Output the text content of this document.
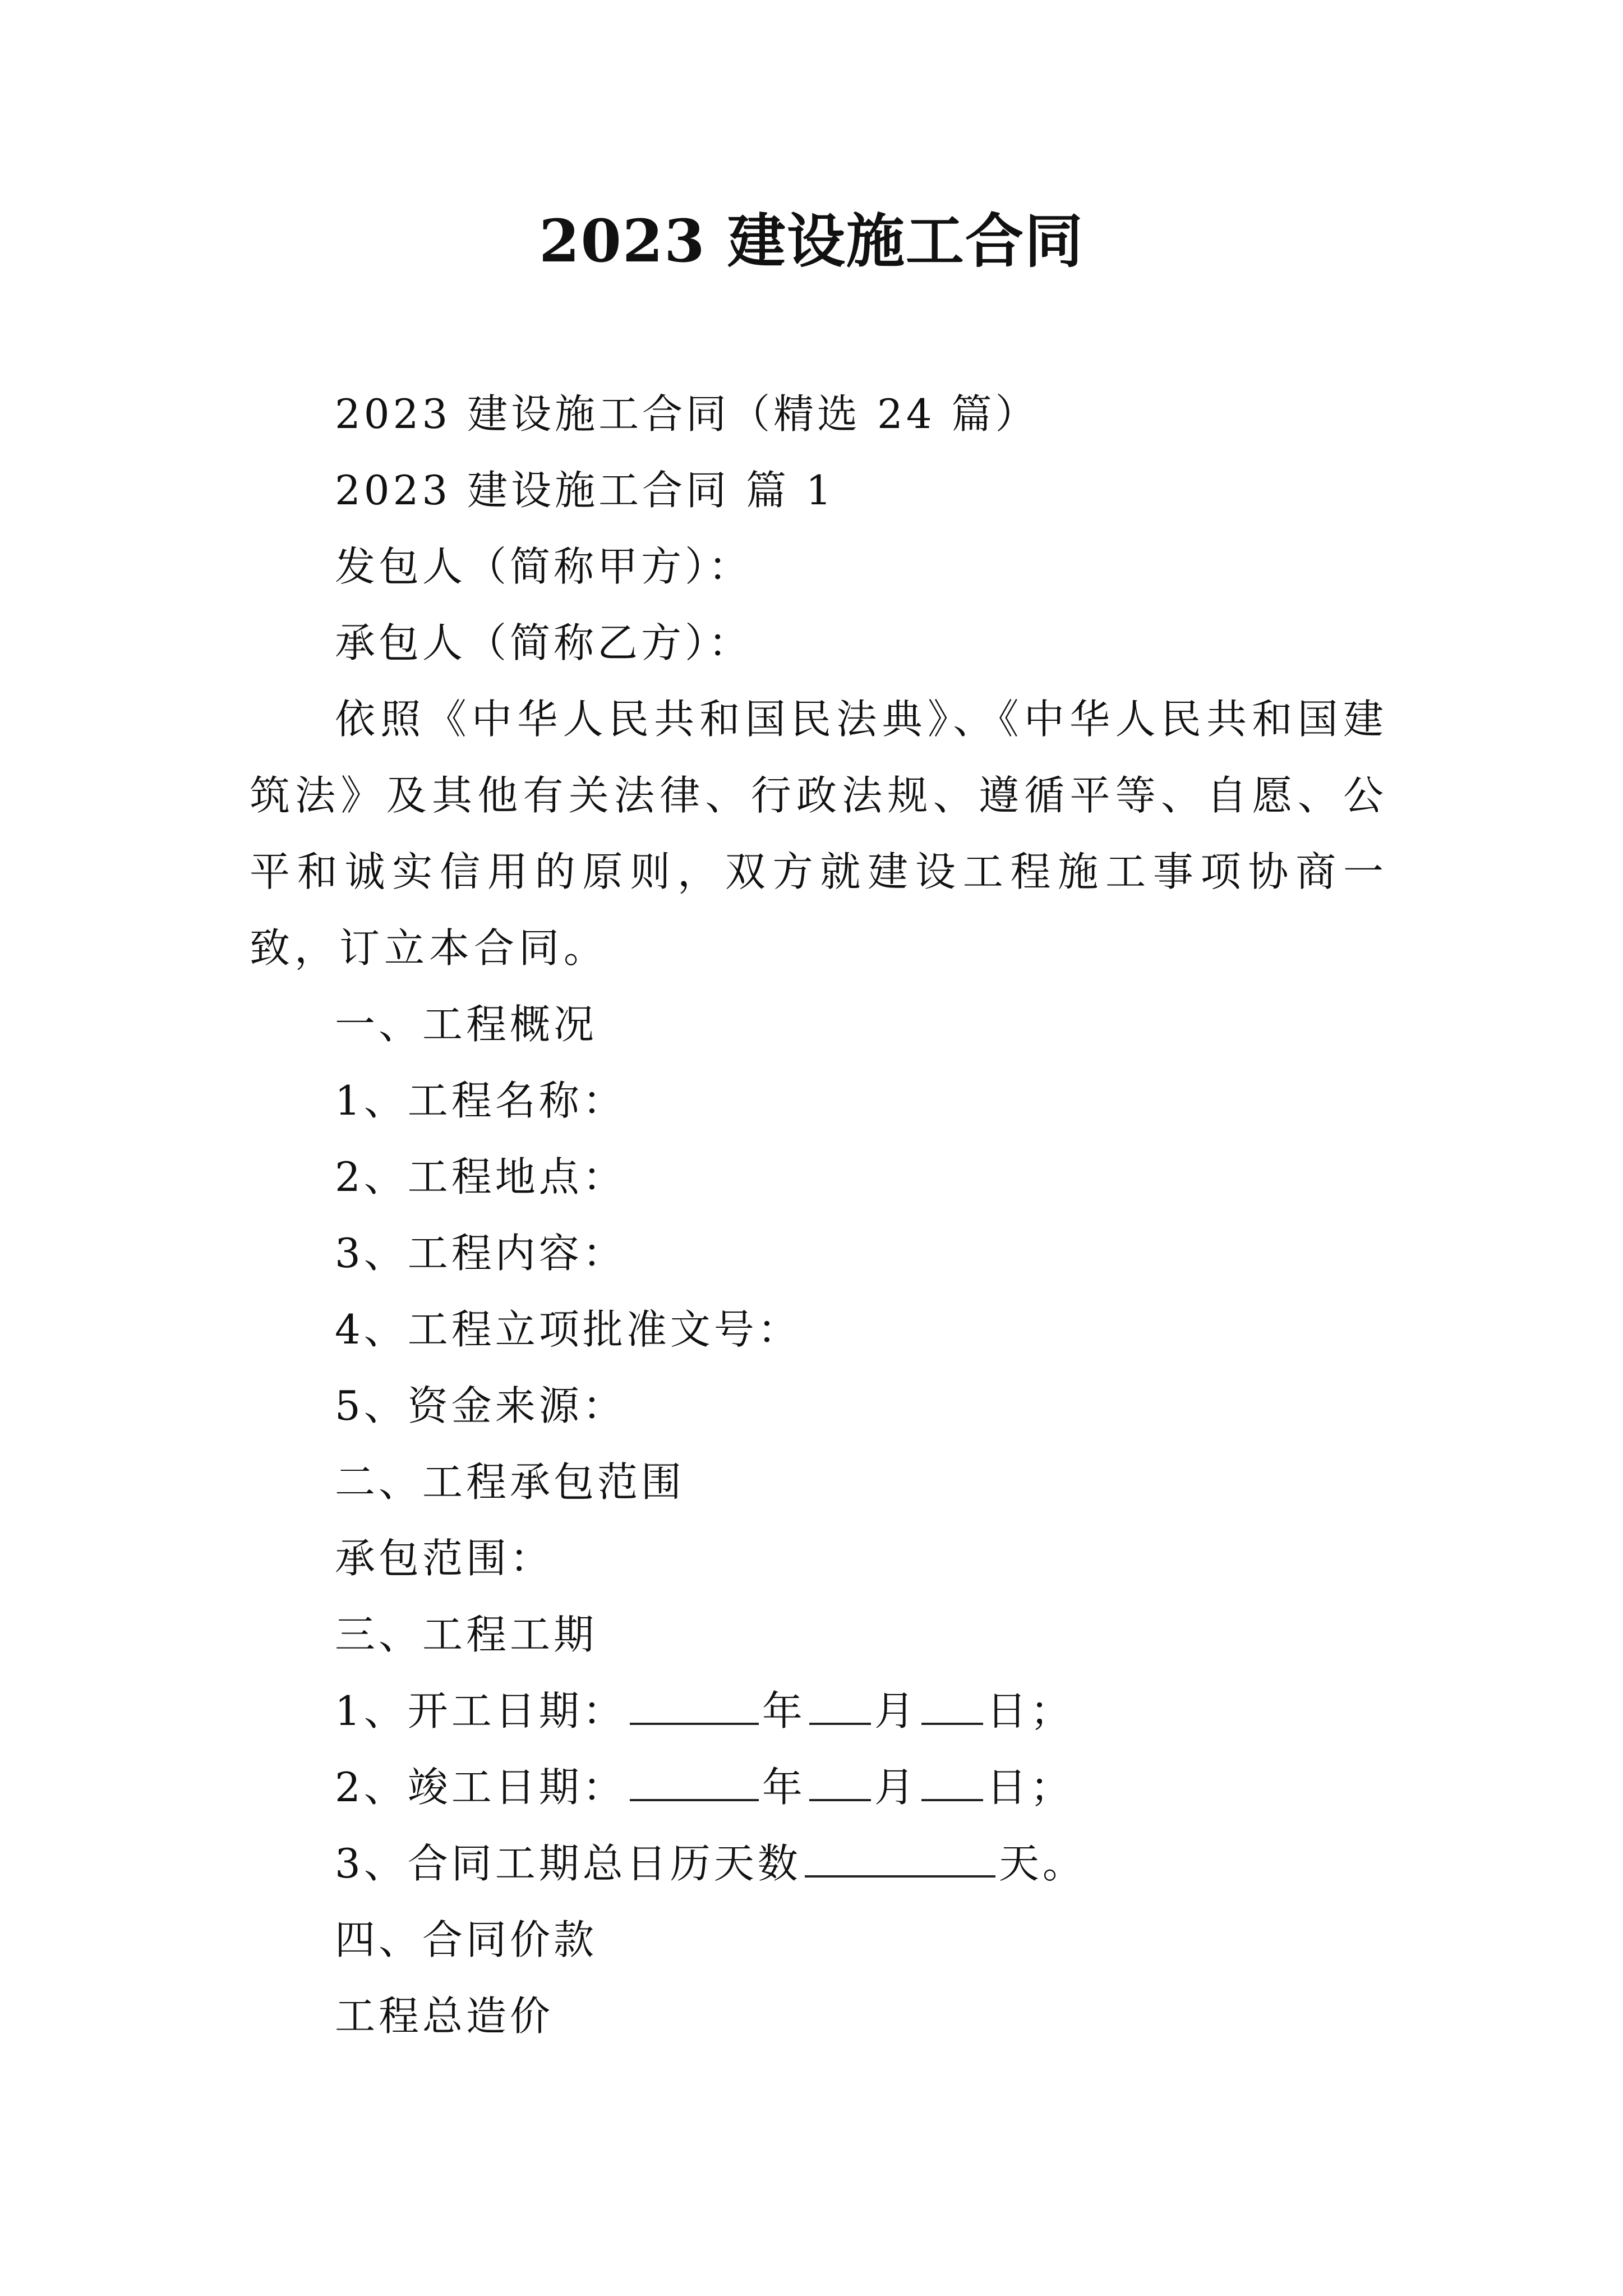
2023 建设施工合同

2023 建设施工合同（精选 24 篇）

2023 建设施工合同 篇 1

发包人（简称甲方）：

承包人（简称乙方）：

依照《中华人民共和国民法典》、《中华人民共和国建筑法》及其他有关法律、行政法规、遵循平等、自愿、公平和诚实信用的原则，双方就建设工程施工事项协商一致，订立本合同。

一、工程概况

1、工程名称：

2、工程地点：

3、工程内容：

4、工程立项批准文号：

5、资金来源：

二、工程承包范围

承包范围：

三、工程工期

1、开工日期：	年 月 日；

2、竣工日期：	年 月 日；

3、合同工期总日历天数	天。

四、合同价款

工程总造价
